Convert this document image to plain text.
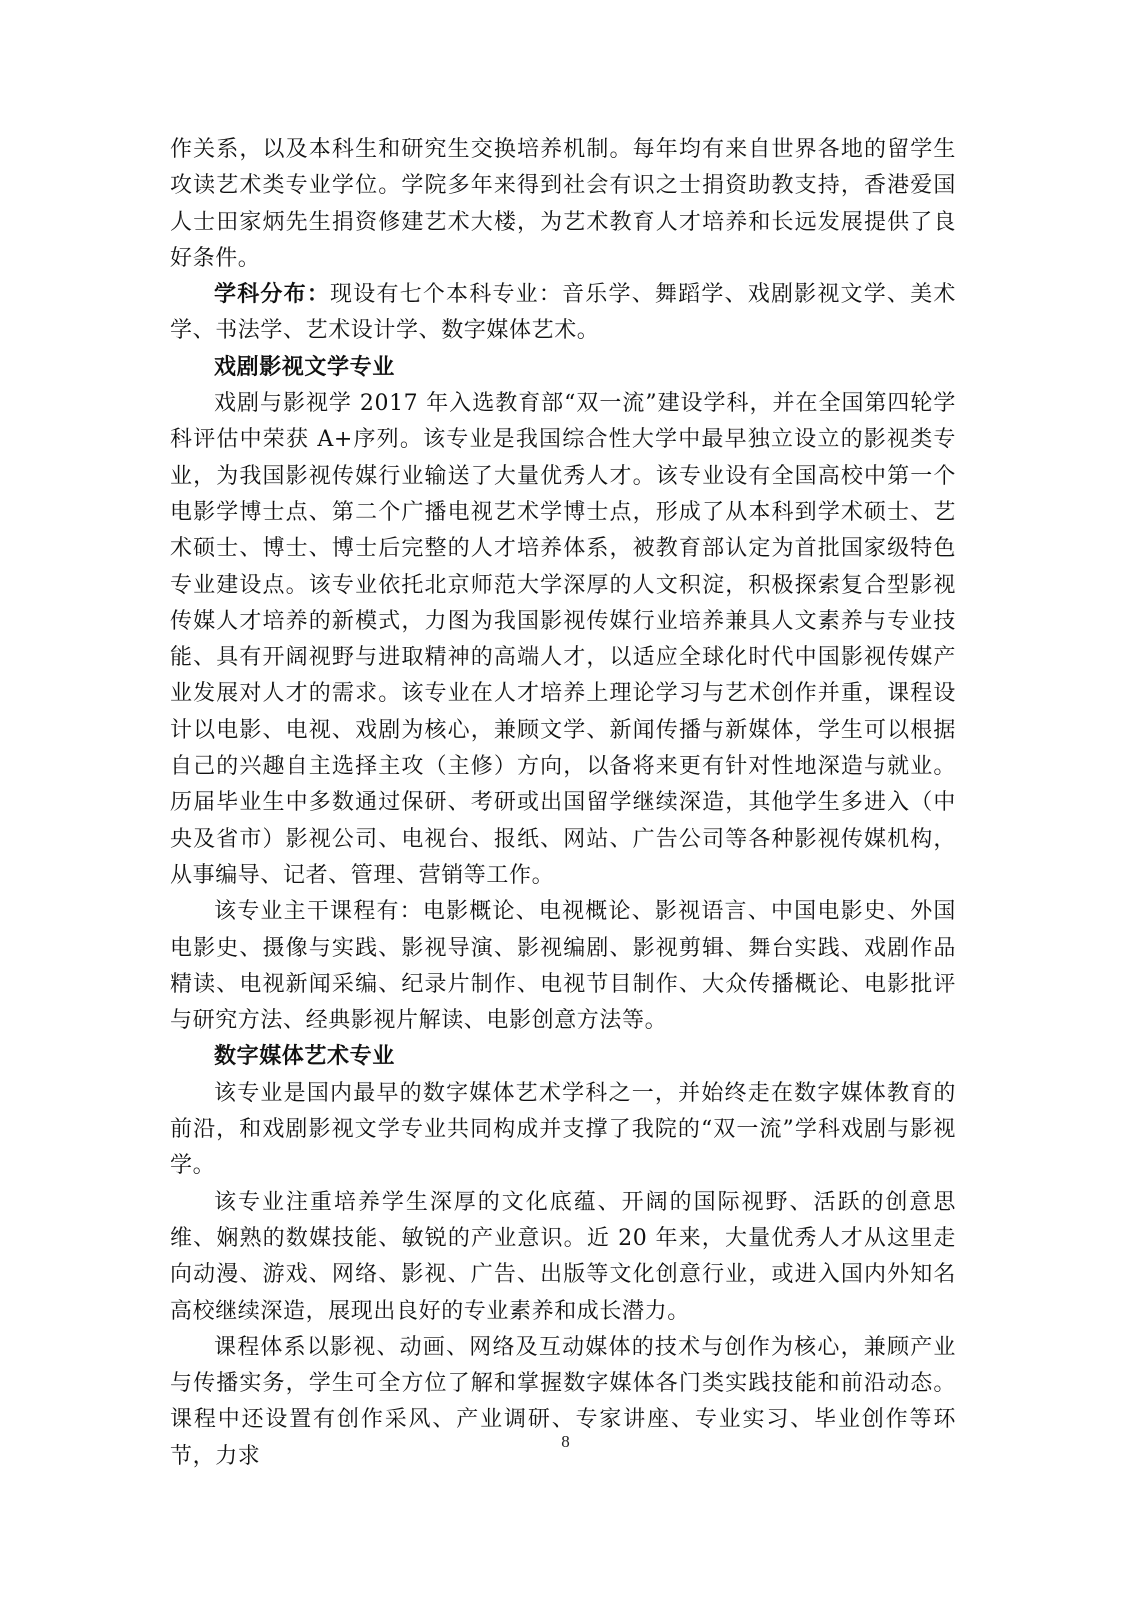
作关系，以及本科生和研究生交换培养机制。每年均有来自世界各地的留学生攻读艺术类专业学位。学院多年来得到社会有识之士捐资助教支持，香港爱国人士田家炳先生捐资修建艺术大楼，为艺术教育人才培养和长远发展提供了良好条件。

学科分布：现设有七个本科专业：音乐学、舞蹈学、戏剧影视文学、美术学、书法学、艺术设计学、数字媒体艺术。

戏剧影视文学专业

戏剧与影视学 2017 年入选教育部“双一流”建设学科，并在全国第四轮学科评估中荣获 A+序列。该专业是我国综合性大学中最早独立设立的影视类专业，为我国影视传媒行业输送了大量优秀人才。该专业设有全国高校中第一个电影学博士点、第二个广播电视艺术学博士点，形成了从本科到学术硕士、艺术硕士、博士、博士后完整的人才培养体系，被教育部认定为首批国家级特色专业建设点。该专业依托北京师范大学深厚的人文积淀，积极探索复合型影视传媒人才培养的新模式，力图为我国影视传媒行业培养兼具人文素养与专业技能、具有开阔视野与进取精神的高端人才，以适应全球化时代中国影视传媒产业发展对人才的需求。该专业在人才培养上理论学习与艺术创作并重，课程设计以电影、电视、戏剧为核心，兼顾文学、新闻传播与新媒体，学生可以根据自己的兴趣自主选择主攻（主修）方向，以备将来更有针对性地深造与就业。历届毕业生中多数通过保研、考研或出国留学继续深造，其他学生多进入（中央及省市）影视公司、电视台、报纸、网站、广告公司等各种影视传媒机构，从事编导、记者、管理、营销等工作。

该专业主干课程有：电影概论、电视概论、影视语言、中国电影史、外国电影史、摄像与实践、影视导演、影视编剧、影视剪辑、舞台实践、戏剧作品精读、电视新闻采编、纪录片制作、电视节目制作、大众传播概论、电影批评与研究方法、经典影视片解读、电影创意方法等。

数字媒体艺术专业

该专业是国内最早的数字媒体艺术学科之一，并始终走在数字媒体教育的前沿，和戏剧影视文学专业共同构成并支撑了我院的“双一流”学科戏剧与影视学。

该专业注重培养学生深厚的文化底蕴、开阔的国际视野、活跃的创意思维、娴熟的数媒技能、敏锐的产业意识。近 20 年来，大量优秀人才从这里走向动漫、游戏、网络、影视、广告、出版等文化创意行业，或进入国内外知名高校继续深造，展现出良好的专业素养和成长潜力。

课程体系以影视、动画、网络及互动媒体的技术与创作为核心，兼顾产业与传播实务，学生可全方位了解和掌握数字媒体各门类实践技能和前沿动态。课程中还设置有创作采风、产业调研、专家讲座、专业实习、毕业创作等环节，力求

8
